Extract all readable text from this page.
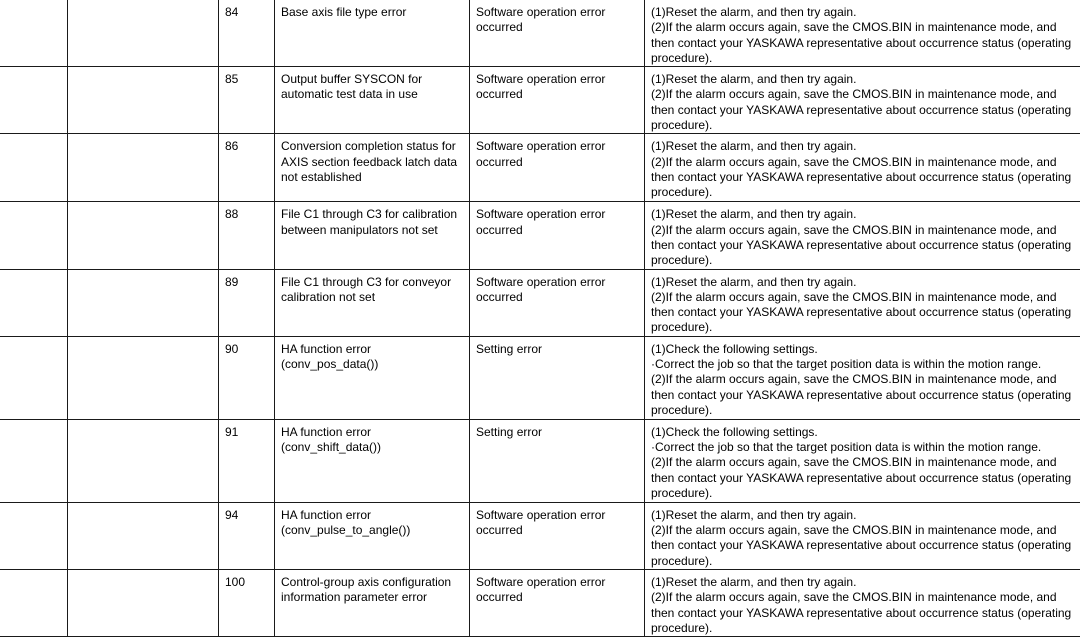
		84	Base axis file type error	Software operation error occurred	(1)Reset the alarm, and then try again.
(2)If the alarm occurs again, save the CMOS.BIN in maintenance mode, and then contact your YASKAWA representative about occurrence status (operating procedure).

		85	Output buffer SYSCON for automatic test data in use	Software operation error occurred	(1)Reset the alarm, and then try again.
(2)If the alarm occurs again, save the CMOS.BIN in maintenance mode, and then contact your YASKAWA representative about occurrence status (operating procedure).

		86	Conversion completion status for AXIS section feedback latch data not established	Software operation error occurred	(1)Reset the alarm, and then try again.
(2)If the alarm occurs again, save the CMOS.BIN in maintenance mode, and then contact your YASKAWA representative about occurrence status (operating procedure).

		88	File C1 through C3 for calibration between manipulators not set	Software operation error occurred	(1)Reset the alarm, and then try again.
(2)If the alarm occurs again, save the CMOS.BIN in maintenance mode, and then contact your YASKAWA representative about occurrence status (operating procedure).

		89	File C1 through C3 for conveyor calibration not set	Software operation error occurred	(1)Reset the alarm, and then try again.
(2)If the alarm occurs again, save the CMOS.BIN in maintenance mode, and then contact your YASKAWA representative about occurrence status (operating procedure).

		90	HA function error (conv_pos_data())	Setting error	(1)Check the following settings.
·Correct the job so that the target position data is within the motion range.
(2)If the alarm occurs again, save the CMOS.BIN in maintenance mode, and then contact your YASKAWA representative about occurrence status (operating procedure).

		91	HA function error (conv_shift_data())	Setting error	(1)Check the following settings.
·Correct the job so that the target position data is within the motion range.
(2)If the alarm occurs again, save the CMOS.BIN in maintenance mode, and then contact your YASKAWA representative about occurrence status (operating procedure).

		94	HA function error (conv_pulse_to_angle())	Software operation error occurred	(1)Reset the alarm, and then try again.
(2)If the alarm occurs again, save the CMOS.BIN in maintenance mode, and then contact your YASKAWA representative about occurrence status (operating procedure).

		100	Control-group axis configuration information parameter error	Software operation error occurred	(1)Reset the alarm, and then try again.
(2)If the alarm occurs again, save the CMOS.BIN in maintenance mode, and then contact your YASKAWA representative about occurrence status (operating procedure).
